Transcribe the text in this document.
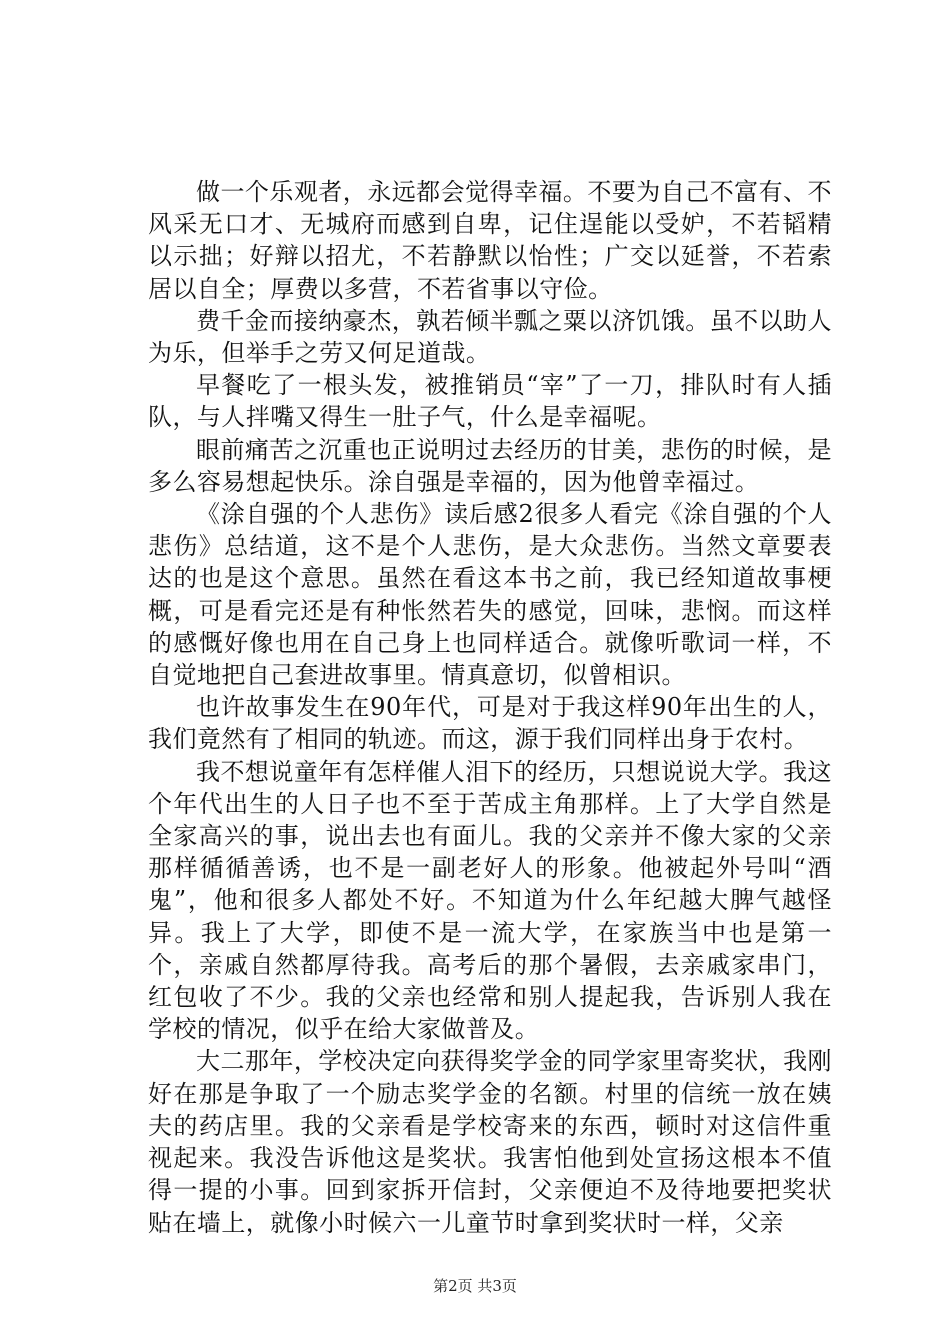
做一个乐观者，永远都会觉得幸福。不要为自己不富有、不风采无口才、无城府而感到自卑，记住逞能以受妒，不若韬精以示拙；好辩以招尤，不若静默以怡性；广交以延誉，不若索居以自全；厚费以多营，不若省事以守俭。

费千金而接纳豪杰，孰若倾半瓢之粟以济饥饿。虽不以助人为乐，但举手之劳又何足道哉。

早餐吃了一根头发，被推销员“宰”了一刀，排队时有人插队，与人拌嘴又得生一肚子气，什么是幸福呢。

眼前痛苦之沉重也正说明过去经历的甘美，悲伤的时候，是多么容易想起快乐。涂自强是幸福的，因为他曾幸福过。

《涂自强的个人悲伤》读后感2很多人看完《涂自强的个人悲伤》总结道，这不是个人悲伤，是大众悲伤。当然文章要表达的也是这个意思。虽然在看这本书之前，我已经知道故事梗概，可是看完还是有种怅然若失的感觉，回味，悲悯。而这样的感慨好像也用在自己身上也同样适合。就像听歌词一样，不自觉地把自己套进故事里。情真意切，似曾相识。

也许故事发生在90年代，可是对于我这样90年出生的人，我们竟然有了相同的轨迹。而这，源于我们同样出身于农村。

我不想说童年有怎样催人泪下的经历，只想说说大学。我这个年代出生的人日子也不至于苦成主角那样。上了大学自然是全家高兴的事，说出去也有面儿。我的父亲并不像大家的父亲那样循循善诱，也不是一副老好人的形象。他被起外号叫“酒鬼”，他和很多人都处不好。不知道为什么年纪越大脾气越怪异。我上了大学，即使不是一流大学，在家族当中也是第一个，亲戚自然都厚待我。高考后的那个暑假，去亲戚家串门，红包收了不少。我的父亲也经常和别人提起我，告诉别人我在学校的情况，似乎在给大家做普及。

大二那年，学校决定向获得奖学金的同学家里寄奖状，我刚好在那是争取了一个励志奖学金的名额。村里的信统一放在姨夫的药店里。我的父亲看是学校寄来的东西，顿时对这信件重视起来。我没告诉他这是奖状。我害怕他到处宣扬这根本不值得一提的小事。回到家拆开信封，父亲便迫不及待地要把奖状贴在墙上，就像小时候六一儿童节时拿到奖状时一样，父亲

第2页 共3页
